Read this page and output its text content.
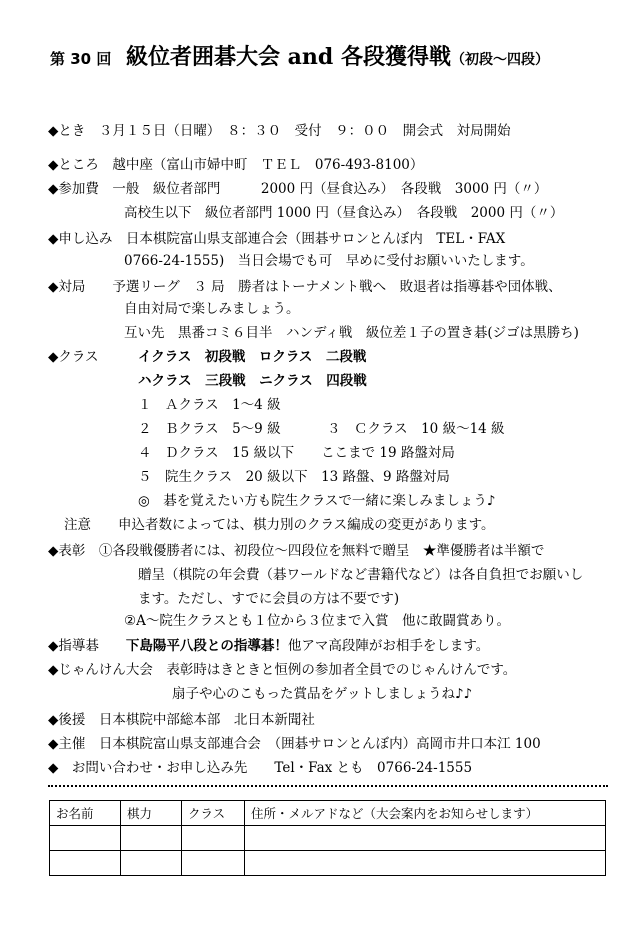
第 30 回 級位者囲碁大会 and 各段獲得戦（初段〜四段）
◆とき　３月１５日（日曜）　８：３０　受付　９：００　開会式　対局開始
◆ところ　越中座（富山市婦中町　ＴＥＬ　076-493-8100）
◆参加費　一般　級位者部門　　　2000 円（昼食込み）　各段戦　3000 円（〃）
高校生以下　級位者部門 1000 円（昼食込み）　各段戦　2000 円（〃）
◆申し込み　日本棋院富山県支部連合会（囲碁サロンとんぼ内　TEL・FAX
0766-24-1555)　当日会場でも可　早めに受付お願いいたします。
◆対局　　予選リーグ　３ 局　勝者はトーナメント戦へ　敗退者は指導碁や団体戦、
自由対局で楽しみましょう。
互い先　黒番コミ６目半　ハンディ戦　級位差１子の置き碁(ジゴは黒勝ち)
◆クラス	イクラス　初段戦　ロクラス　二段戦
ハクラス　三段戦　ニクラス　四段戦
１　Ａクラス　1〜4 級
２　Ｂクラス　5〜9 級	３　Ｃクラス　10 級〜14 級
４　Ｄクラス　15 級以下　　ここまで 19 路盤対局
５　院生クラス　20 級以下　13 路盤、9 路盤対局
◎　碁を覚えたい方も院生クラスで一緒に楽しみましょう♪
注意　　申込者数によっては、棋力別のクラス編成の変更があります。
◆表彰　①各段戦優勝者には、初段位〜四段位を無料で贈呈　★準優勝者は半額で
贈呈（棋院の年会費（碁ワールドなど書籍代など）は各自負担でお願いし
ます。ただし、すでに会員の方は不要です)
②A〜院生クラスとも１位から３位まで入賞　他に敢闘賞あり。
◆指導碁　　 下島陽平八段との指導碁！他アマ高段陣がお相手をします。
◆じゃんけん大会　表彰時はきときと恒例の参加者全員でのじゃんけんです。
扇子や心のこもった賞品をゲットしましょうね♪♪
◆後援　日本棋院中部総本部　北日本新聞社
◆主催　日本棋院富山県支部連合会　（囲碁サロンとんぼ内）高岡市井口本江 100
◆　お問い合わせ・お申し込み先　　Tel・Fax とも　0766-24-1555
お名前	棋力	クラス	住所・メルアドなど（大会案内をお知らせします）
